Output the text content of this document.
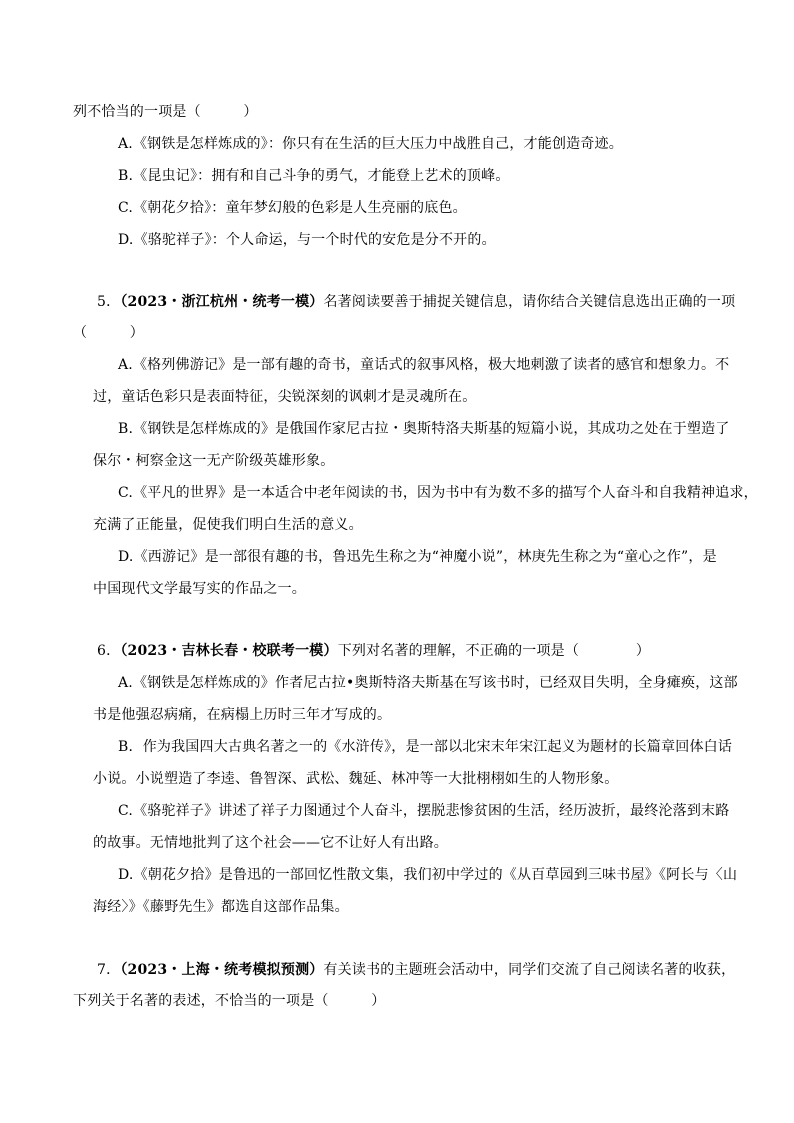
列不恰当的一项是（　　　）
A.《钢铁是怎样炼成的》：你只有在生活的巨大压力中战胜自己，才能创造奇迹。
B.《昆虫记》：拥有和自己斗争的勇气，才能登上艺术的顶峰。
C.《朝花夕拾》：童年梦幻般的色彩是人生亮丽的底色。
D.《骆驼祥子》：个人命运，与一个时代的安危是分不开的。
5．（2023・浙江杭州・统考一模）名著阅读要善于捕捉关键信息，请你结合关键信息选出正确的一项
（　　　）
A.《格列佛游记》是一部有趣的奇书，童话式的叙事风格，极大地刺激了读者的感官和想象力。不
过，童话色彩只是表面特征，尖锐深刻的讽刺才是灵魂所在。
B.《钢铁是怎样炼成的》是俄国作家尼古拉・奥斯特洛夫斯基的短篇小说，其成功之处在于塑造了
保尔・柯察金这一无产阶级英雄形象。
C.《平凡的世界》是一本适合中老年阅读的书，因为书中有为数不多的描写个人奋斗和自我精神追求，
充满了正能量，促使我们明白生活的意义。
D.《西游记》是一部很有趣的书，鲁迅先生称之为“神魔小说”，林庚先生称之为“童心之作”，是
中国现代文学最写实的作品之一。
6．（2023・吉林长春・校联考一模）下列对名著的理解，不正确的一项是（　　　　）
A.《钢铁是怎样炼成的》作者尼古拉•奥斯特洛夫斯基在写该书时，已经双目失明，全身瘫痪，这部
书是他强忍病痛，在病榻上历时三年才写成的。
B．作为我国四大古典名著之一的《水浒传》，是一部以北宋末年宋江起义为题材的长篇章回体白话
小说。小说塑造了李逵、鲁智深、武松、魏延、林冲等一大批栩栩如生的人物形象。
C.《骆驼祥子》讲述了祥子力图通过个人奋斗，摆脱悲惨贫困的生活，经历波折，最终沦落到末路
的故事。无情地批判了这个社会——它不让好人有出路。
D.《朝花夕拾》是鲁迅的一部回忆性散文集，我们初中学过的《从百草园到三味书屋》《阿长与〈山
海经〉》《藤野先生》都选自这部作品集。
7．（2023・上海・统考模拟预测）有关读书的主题班会活动中，同学们交流了自己阅读名著的收获，
下列关于名著的表述，不恰当的一项是（　　　）
